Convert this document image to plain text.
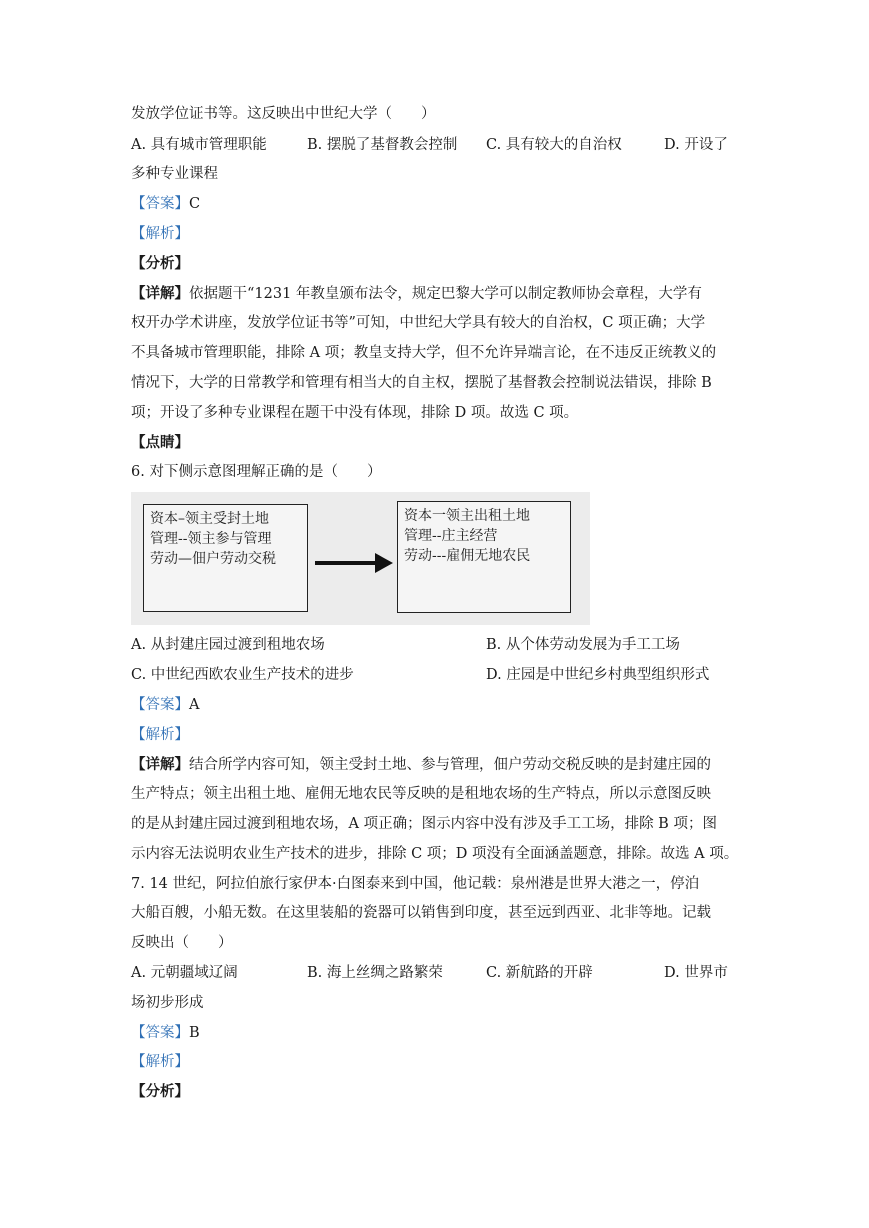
发放学位证书等。这反映出中世纪大学（　　）
A. 具有城市管理职能	B. 摆脱了基督教会控制 C. 具有较大的自治权	D. 开设了
多种专业课程
【答案】C
【解析】
【分析】
【详解】依据题干“1231 年教皇颁布法令，规定巴黎大学可以制定教师协会章程，大学有
权开办学术讲座，发放学位证书等”可知，中世纪大学具有较大的自治权，C 项正确；大学
不具备城市管理职能，排除 A 项；教皇支持大学，但不允许异端言论，在不违反正统教义的
情况下，大学的日常教学和管理有相当大的自主权，摆脱了基督教会控制说法错误，排除 B
项；开设了多种专业课程在题干中没有体现，排除 D 项。故选 C 项。
【点睛】
6. 对下侧示意图理解正确的是（　　）
资本–领主受封土地
管理--领主参与管理
劳动—佃户劳动交税
资本一领主出租土地
管理--庄主经营
劳动---雇佣无地农民
A. 从封建庄园过渡到租地农场	B. 从个体劳动发展为手工工场
C. 中世纪西欧农业生产技术的进步	D. 庄园是中世纪乡村典型组织形式
【答案】A
【解析】
【详解】结合所学内容可知，领主受封土地、参与管理，佃户劳动交税反映的是封建庄园的
生产特点；领主出租土地、雇佣无地农民等反映的是租地农场的生产特点，所以示意图反映
的是从封建庄园过渡到租地农场，A 项正确；图示内容中没有涉及手工工场，排除 B 项；图
示内容无法说明农业生产技术的进步，排除 C 项；D 项没有全面涵盖题意，排除。故选 A 项。
7. 14 世纪，阿拉伯旅行家伊本·白图泰来到中国，他记载：泉州港是世界大港之一，停泊
大船百艘，小船无数。在这里装船的瓷器可以销售到印度，甚至远到西亚、北非等地。记载
反映出（　　）
A. 元朝疆域辽阔	B. 海上丝绸之路繁荣	C. 新航路的开辟	D. 世界市
场初步形成
【答案】B
【解析】
【分析】
